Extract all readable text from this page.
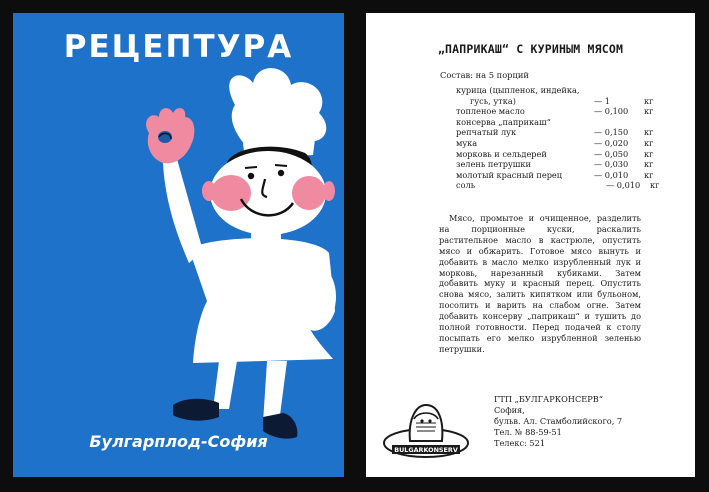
РЕЦЕПТУРА
Булгарплод-София
„ПАПРИКАШ“ С КУРИНЫМ МЯСОМ
Состав: на 5 порций
курица (цыпленок, индейка,
гусь, утка)	— 1	кг
топленое масло	— 0,100 кг
консерва „паприкаш“
репчатый лук	— 0,150 кг
мука	— 0,020 кг
морковь и сельдерей	— 0,050 кг
зелень петрушки	— 0,030 кг
молотый красный перец	— 0,010 кг
соль	— 0,010 кг
Мясо, промытое и очищенное, разделить на порционные куски, раскалить растительное масло в кастрюле, опустить мясо и обжарить. Готовое мясо вынуть и добавить в масло мелко изрубленный лук и морковь, нарезанный кубиками. Затем добавить муку и красный перец. Опустить снова мясо, залить кипятком или бульоном, посолить и варить на слабом огне. Затем добавить консерву „паприкаш“ и тушить до полной готовности. Перед подачей к столу посыпать его мелко изрубленной зеленью петрушки.
BULGARKONSERV
ГТП „БУЛГАРКОНСЕРВ“
София,
бульв. Ал. Стамболийского, 7
Тел. № 88-59-51
Телекс: 521
